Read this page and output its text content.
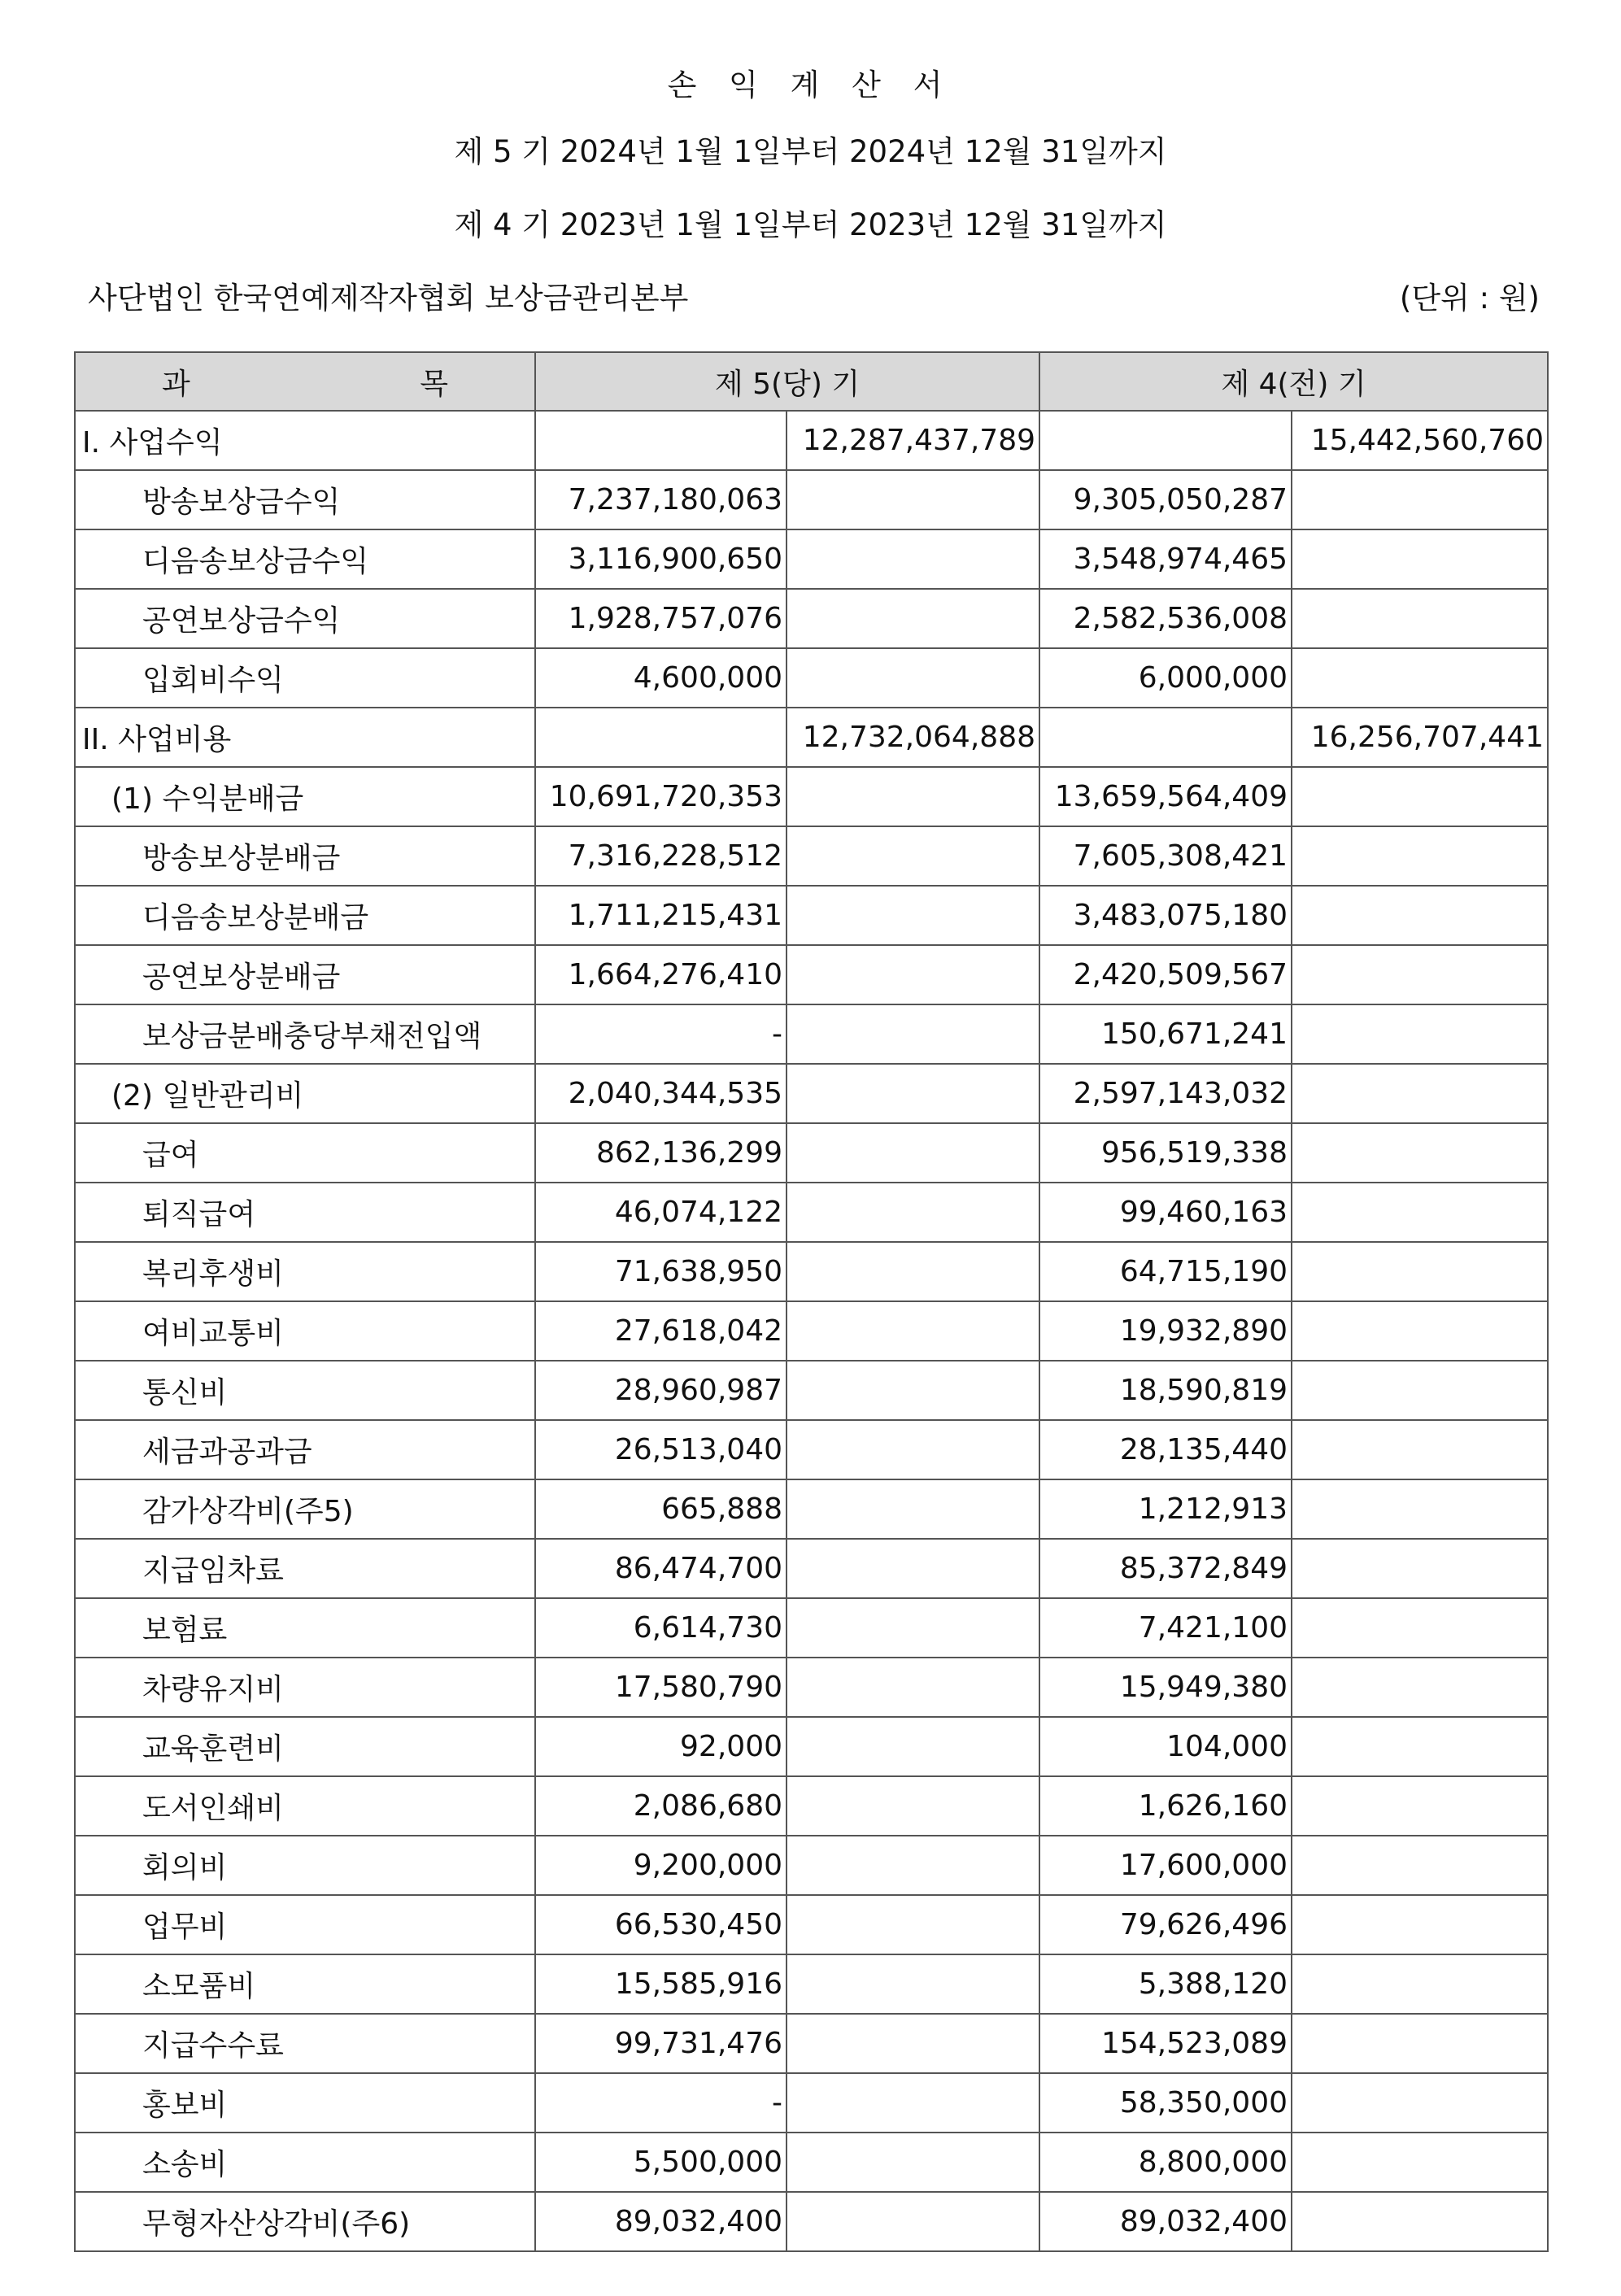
손 익 계 산 서
제 5 기 2024년 1월 1일부터 2024년 12월 31일까지
제 4 기 2023년 1월 1일부터 2023년 12월 31일까지
사단법인 한국연예제작자협회 보상금관리본부	(단위 : 원)
과 목	제 5(당) 기		제 4(전) 기	
I. 사업수익		12,287,437,789		15,442,560,760
방송보상금수익	7,237,180,063		9,305,050,287	
디음송보상금수익	3,116,900,650		3,548,974,465	
공연보상금수익	1,928,757,076		2,582,536,008	
입회비수익	4,600,000		6,000,000	
II. 사업비용		12,732,064,888		16,256,707,441
(1) 수익분배금	10,691,720,353		13,659,564,409	
방송보상분배금	7,316,228,512		7,605,308,421	
디음송보상분배금	1,711,215,431		3,483,075,180	
공연보상분배금	1,664,276,410		2,420,509,567	
보상금분배충당부채전입액	-		150,671,241	
(2) 일반관리비	2,040,344,535		2,597,143,032	
급여	862,136,299		956,519,338	
퇴직급여	46,074,122		99,460,163	
복리후생비	71,638,950		64,715,190	
여비교통비	27,618,042		19,932,890	
통신비	28,960,987		18,590,819	
세금과공과금	26,513,040		28,135,440	
감가상각비(주5)	665,888		1,212,913	
지급임차료	86,474,700		85,372,849	
보험료	6,614,730		7,421,100	
차량유지비	17,580,790		15,949,380	
교육훈련비	92,000		104,000	
도서인쇄비	2,086,680		1,626,160	
회의비	9,200,000		17,600,000	
업무비	66,530,450		79,626,496	
소모품비	15,585,916		5,388,120	
지급수수료	99,731,476		154,523,089	
홍보비	-		58,350,000	
소송비	5,500,000		8,800,000	
무형자산상각비(주6)	89,032,400		89,032,400	
